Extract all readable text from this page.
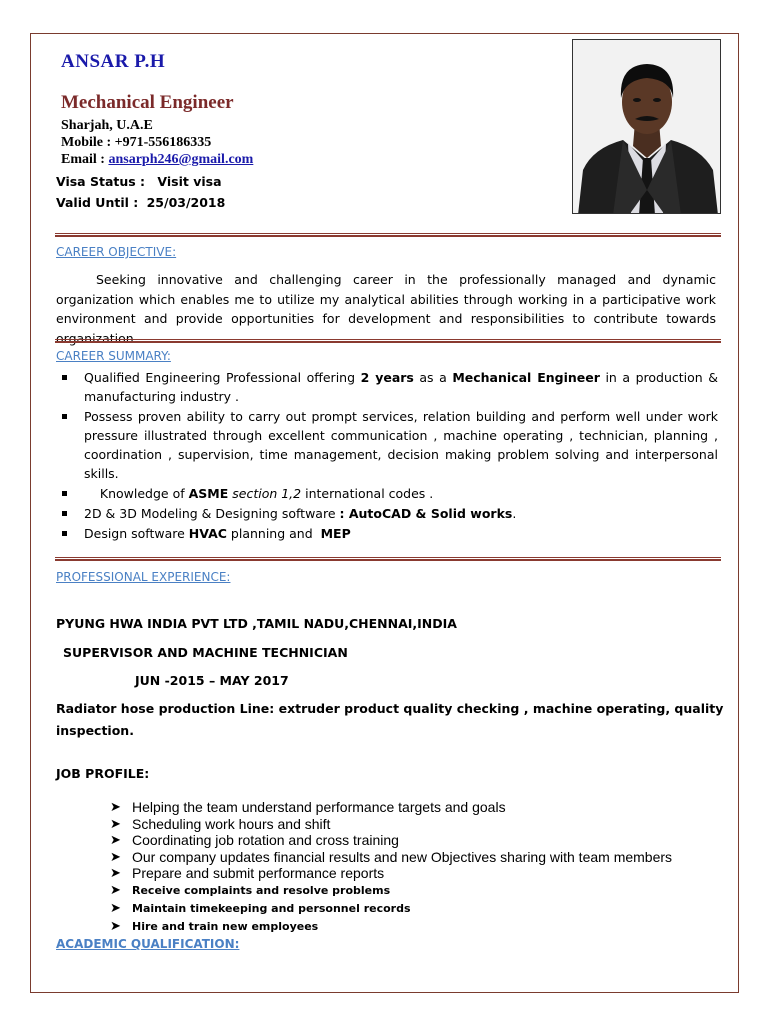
ANSAR P.H
Mechanical Engineer
Sharjah, U.A.E
Mobile : +971-556186335
Email : ansarph246@gmail.com
Visa Status : Visit visa
Valid Until : 25/03/2018
CAREER OBJECTIVE:

Seeking innovative and challenging career in the professionally managed and dynamic organization which enables me to utilize my analytical abilities through working in a participative work environment and provide opportunities for development and responsibilities to contribute towards organization.

CAREER SUMMARY:
Qualified Engineering Professional offering 2 years as a Mechanical Engineer in a production & manufacturing industry .
Possess proven ability to carry out prompt services, relation building and perform well under work pressure illustrated through excellent communication , machine operating , technician, planning , coordination , supervision, time management, decision making problem solving and interpersonal skills.
Knowledge of ASME section 1,2 international codes .
2D & 3D Modeling & Designing software : AutoCAD & Solid works.
Design software HVAC planning and  MEP
PROFESSIONAL EXPERIENCE:
PYUNG HWA INDIA PVT LTD ,TAMIL NADU,CHENNAI,INDIA
SUPERVISOR AND MACHINE TECHNICIAN
JUN -2015 – MAY 2017
Radiator hose production Line: extruder product quality checking , machine operating, quality
inspection.
JOB PROFILE:
➤ Helping the team understand performance targets and goals
➤ Scheduling work hours and shift
➤ Coordinating job rotation and cross training
➤ Our company updates financial results and new Objectives sharing with team members
➤ Prepare and submit performance reports
➤ Receive complaints and resolve problems
➤ Maintain timekeeping and personnel records
➤ Hire and train new employees
ACADEMIC QUALIFICATION:
